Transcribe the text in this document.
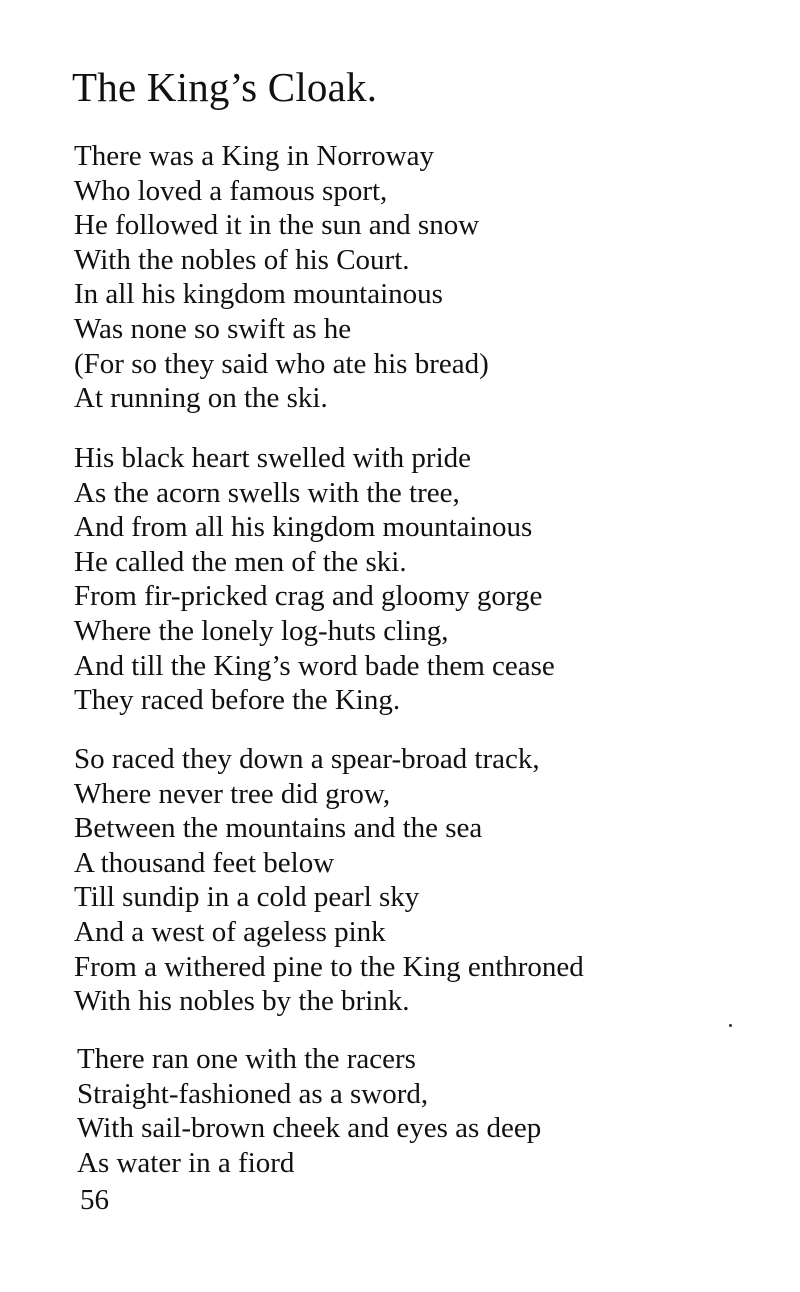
The King’s Cloak.
There was a King in Norroway
Who loved a famous sport,
He followed it in the sun and snow
With the nobles of his Court.
In all his kingdom mountainous
Was none so swift as he
(For so they said who ate his bread)
At running on the ski.
His black heart swelled with pride
As the acorn swells with the tree,
And from all his kingdom mountainous
He called the men of the ski.
From fir-pricked crag and gloomy gorge
Where the lonely log-huts cling,
And till the King’s word bade them cease
They raced before the King.
So raced they down a spear-broad track,
Where never tree did grow,
Between the mountains and the sea
A thousand feet below
Till sundip in a cold pearl sky
And a west of ageless pink
From a withered pine to the King enthroned
With his nobles by the brink.
There ran one with the racers
Straight-fashioned as a sword,
With sail-brown cheek and eyes as deep
As water in a fiord
56
